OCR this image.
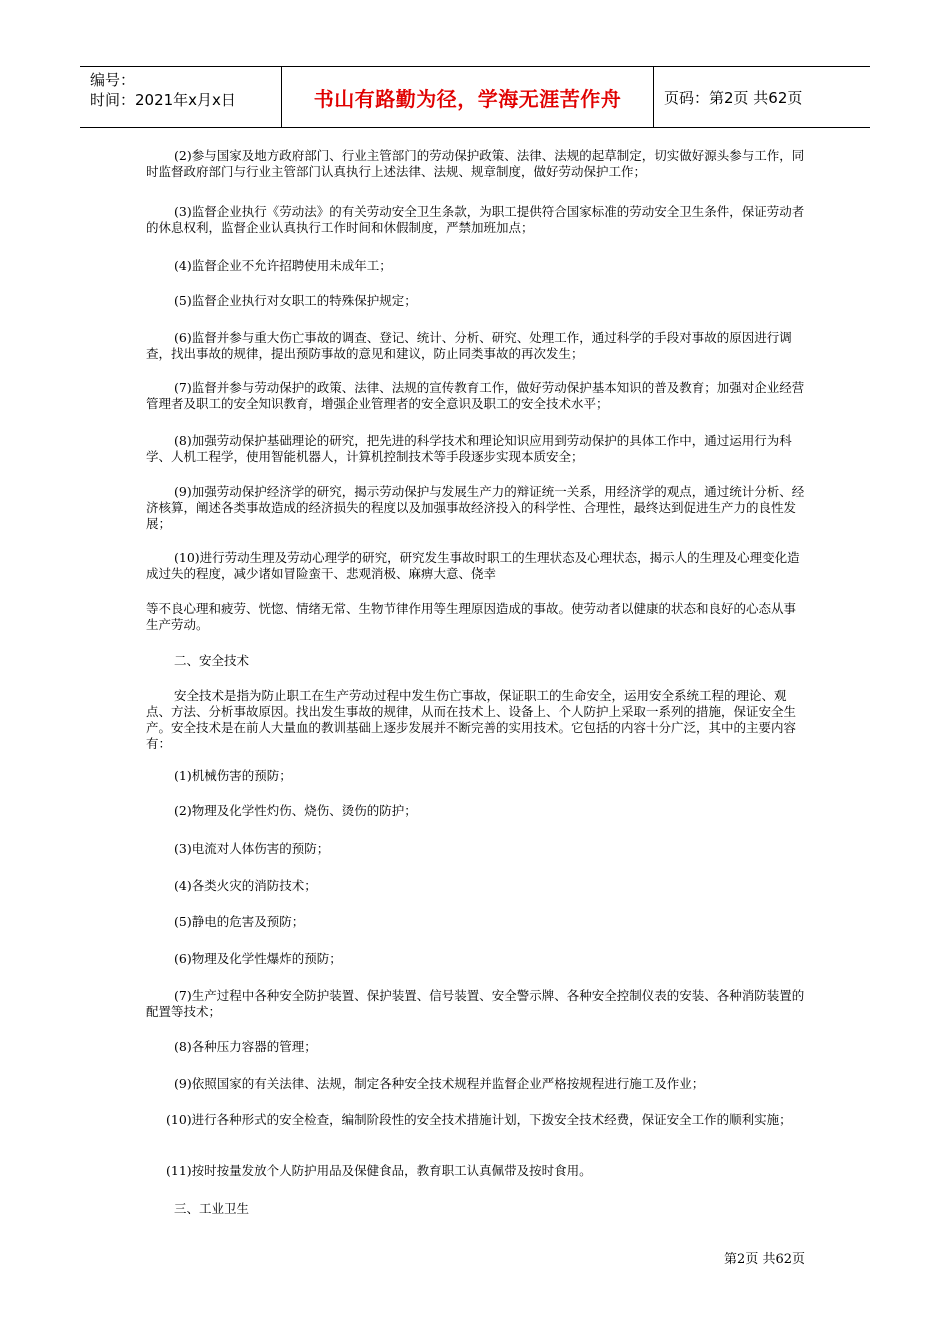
编号：
时间：2021年x月x日	书山有路勤为径，学海无涯苦作舟	页码：第2页 共62页

(2)参与国家及地方政府部门、行业主管部门的劳动保护政策、法律、法规的起草制定，切实做好源头参与工作，同时监督政府部门与行业主管部门认真执行上述法律、法规、规章制度，做好劳动保护工作；

(3)监督企业执行《劳动法》的有关劳动安全卫生条款，为职工提供符合国家标准的劳动安全卫生条件，保证劳动者的休息权利，监督企业认真执行工作时间和休假制度，严禁加班加点；

(4)监督企业不允许招聘使用未成年工；

(5)监督企业执行对女职工的特殊保护规定；

(6)监督并参与重大伤亡事故的调查、登记、统计、分析、研究、处理工作，通过科学的手段对事故的原因进行调查，找出事故的规律，提出预防事故的意见和建议，防止同类事故的再次发生；

(7)监督并参与劳动保护的政策、法律、法规的宣传教育工作，做好劳动保护基本知识的普及教育；加强对企业经营管理者及职工的安全知识教育，增强企业管理者的安全意识及职工的安全技术水平；

(8)加强劳动保护基础理论的研究，把先进的科学技术和理论知识应用到劳动保护的具体工作中，通过运用行为科学、人机工程学，使用智能机器人，计算机控制技术等手段逐步实现本质安全；

(9)加强劳动保护经济学的研究，揭示劳动保护与发展生产力的辩证统一关系，用经济学的观点，通过统计分析、经济核算，阐述各类事故造成的经济损失的程度以及加强事故经济投入的科学性、合理性，最终达到促进生产力的良性发展；

(10)进行劳动生理及劳动心理学的研究，研究发生事故时职工的生理状态及心理状态，揭示人的生理及心理变化造成过失的程度，减少诸如冒险蛮干、悲观消极、麻痹大意、侥幸

等不良心理和疲劳、恍惚、情绪无常、生物节律作用等生理原因造成的事故。使劳动者以健康的状态和良好的心态从事生产劳动。

二、安全技术

安全技术是指为防止职工在生产劳动过程中发生伤亡事故，保证职工的生命安全，运用安全系统工程的理论、观点、方法、分析事故原因。找出发生事故的规律，从而在技术上、设备上、个人防护上采取一系列的措施，保证安全生产。安全技术是在前人大量血的教训基础上逐步发展并不断完善的实用技术。它包括的内容十分广泛，其中的主要内容有：

(1)机械伤害的预防；

(2)物理及化学性灼伤、烧伤、烫伤的防护；

(3)电流对人体伤害的预防；

(4)各类火灾的消防技术；

(5)静电的危害及预防；

(6)物理及化学性爆炸的预防；

(7)生产过程中各种安全防护装置、保护装置、信号装置、安全警示牌、各种安全控制仪表的安装、各种消防装置的配置等技术；

(8)各种压力容器的管理；

(9)依照国家的有关法律、法规，制定各种安全技术规程并监督企业严格按规程进行施工及作业；

(10)进行各种形式的安全检查，编制阶段性的安全技术措施计划，下拨安全技术经费，保证安全工作的顺利实施；

(11)按时按量发放个人防护用品及保健食品，教育职工认真佩带及按时食用。

三、工业卫生

第2页 共62页
